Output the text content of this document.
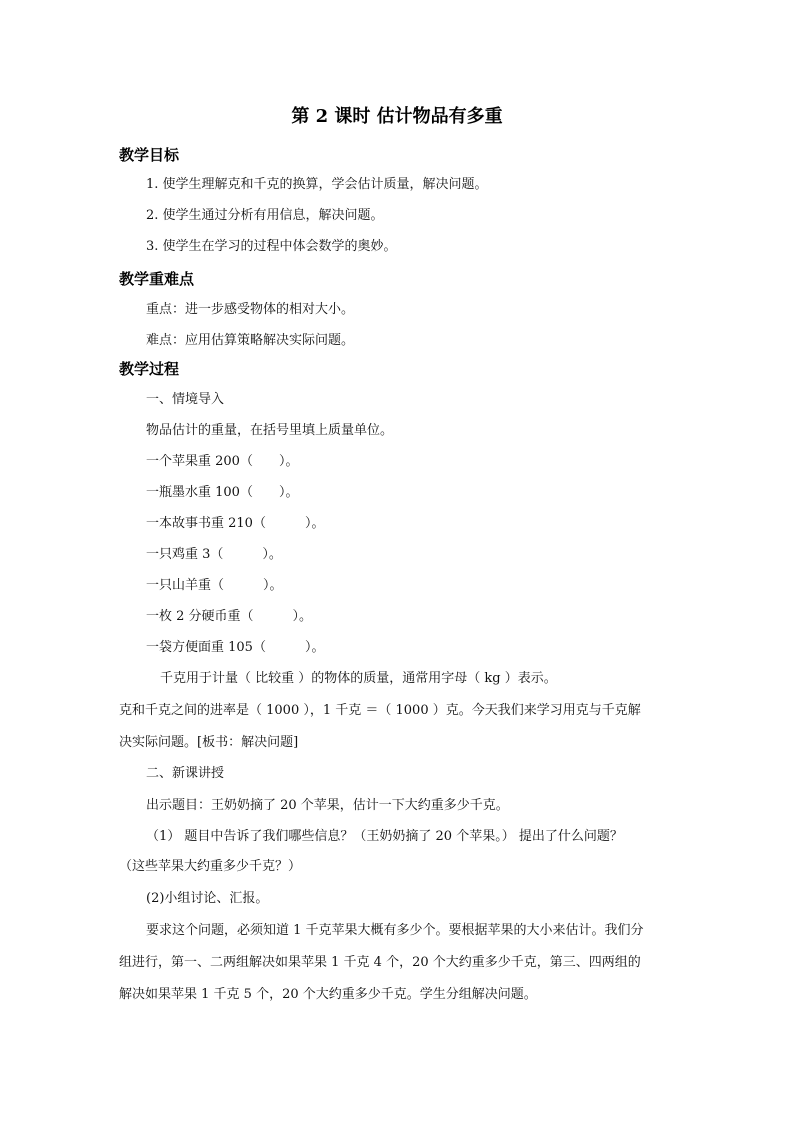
第 2 课时 估计物品有多重
教学目标
1. 使学生理解克和千克的换算，学会估计质量，解决问题。
2. 使学生通过分析有用信息，解决问题。
3. 使学生在学习的过程中体会数学的奥妙。
教学重难点
重点：进一步感受物体的相对大小。
难点：应用估算策略解决实际问题。
教学过程
一、情境导入
物品估计的重量，在括号里填上质量单位。
一个苹果重 200（　　）。
一瓶墨水重 100（　　）。
一本故事书重 210（　　　）。
一只鸡重 3（　　　）。
一只山羊重（　　　）。
一枚 2 分硬币重（　　　）。
一袋方便面重 105（　　　）。
千克用于计量（ 比较重 ）的物体的质量，通常用字母（ kg ）表示。
克和千克之间的进率是（ 1000 ），1 千克 ＝（ 1000 ）克。今天我们来学习用克与千克解
决实际问题。[板书：解决问题]
二、新课讲授
出示题目：王奶奶摘了 20 个苹果，估计一下大约重多少千克。
（1） 题目中告诉了我们哪些信息？（王奶奶摘了 20 个苹果。） 提出了什么问题？
（这些苹果大约重多少千克？）
(2)小组讨论、汇报。
要求这个问题，必须知道 1 千克苹果大概有多少个。要根据苹果的大小来估计。我们分
组进行，第一、二两组解决如果苹果 1 千克 4 个，20 个大约重多少千克，第三、四两组的
解决如果苹果 1 千克 5 个，20 个大约重多少千克。学生分组解决问题。
